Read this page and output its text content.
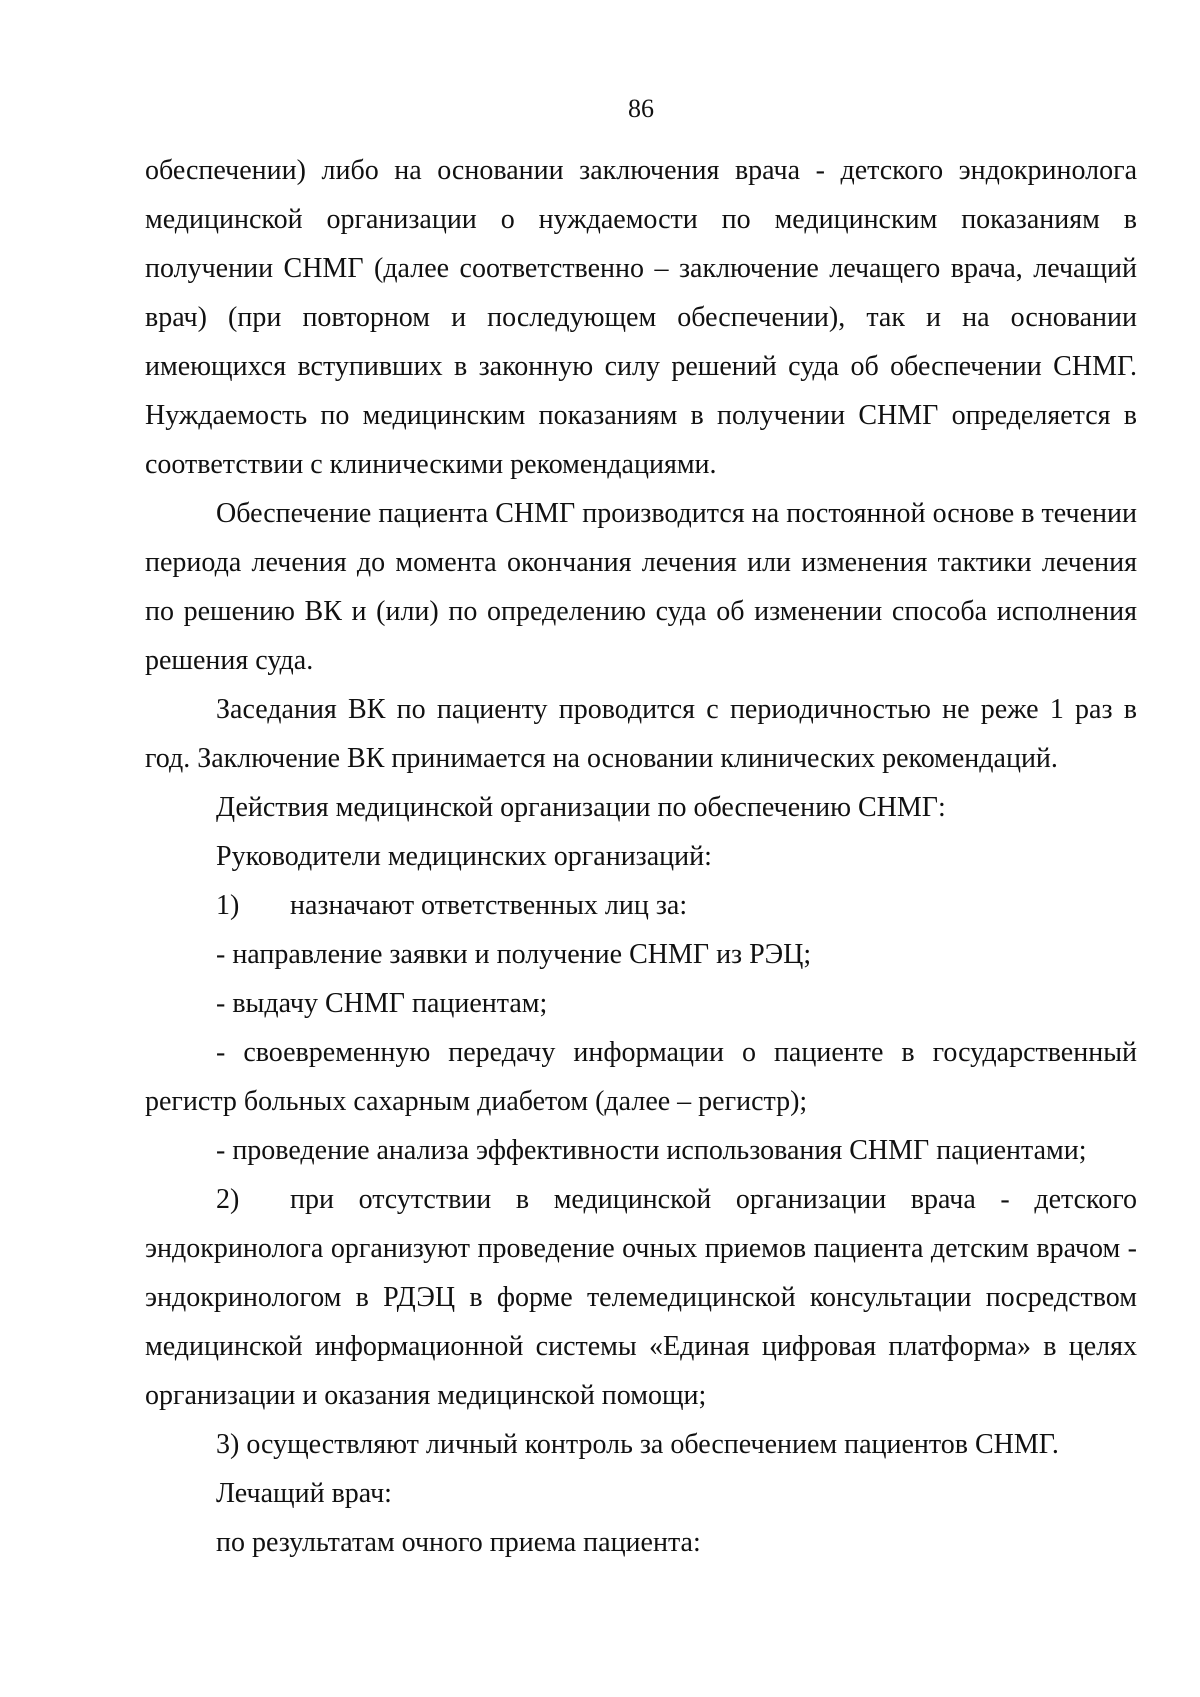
86

обеспечении) либо на основании заключения врача - детского эндокринолога медицинской организации о нуждаемости по медицинским показаниям в получении СНМГ (далее соответственно – заключение лечащего врача, лечащий врач) (при повторном и последующем обеспечении), так и на основании имеющихся вступивших в законную силу решений суда об обеспечении СНМГ. Нуждаемость по медицинским показаниям в получении СНМГ определяется в соответствии с клиническими рекомендациями.

Обеспечение пациента СНМГ производится на постоянной основе в течении периода лечения до момента окончания лечения или изменения тактики лечения по решению ВК и (или) по определению суда об изменении способа исполнения решения суда.

Заседания ВК по пациенту проводится с периодичностью не реже 1 раз в год. Заключение ВК принимается на основании клинических рекомендаций.

Действия медицинской организации по обеспечению СНМГ:

Руководители медицинских организаций:

1) назначают ответственных лиц за:

- направление заявки и получение СНМГ из РЭЦ;

- выдачу СНМГ пациентам;

- своевременную передачу информации о пациенте в государственный регистр больных сахарным диабетом (далее – регистр);

- проведение анализа эффективности использования СНМГ пациентами;

2) при отсутствии в медицинской организации врача - детского эндокринолога организуют проведение очных приемов пациента детским врачом - эндокринологом в РДЭЦ в форме телемедицинской консультации посредством медицинской информационной системы «Единая цифровая платформа» в целях организации и оказания медицинской помощи;

3) осуществляют личный контроль за обеспечением пациентов СНМГ.

Лечащий врач:

по результатам очного приема пациента:
